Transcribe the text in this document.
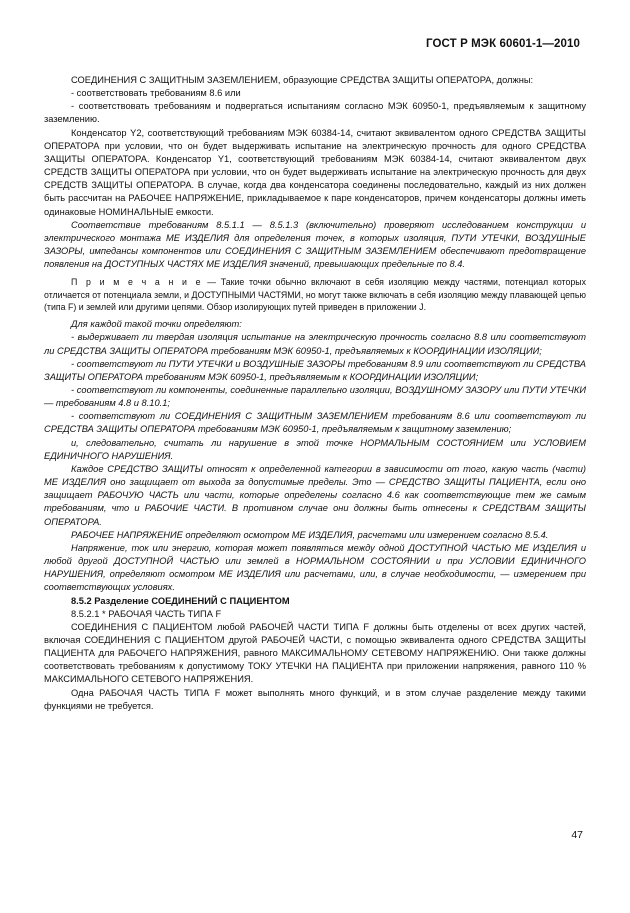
ГОСТ Р МЭК 60601-1—2010

СОЕДИНЕНИЯ С ЗАЩИТНЫМ ЗАЗЕМЛЕНИЕМ, образующие СРЕДСТВА ЗАЩИТЫ ОПЕРАТОРА, должны:

- соответствовать требованиям 8.6 или

- соответствовать требованиям и подвергаться испытаниям согласно МЭК 60950-1, предъявляемым к защитному заземлению.

Конденсатор Y2, соответствующий требованиям МЭК 60384-14, считают эквивалентом одного СРЕДСТВА ЗАЩИТЫ ОПЕРАТОРА при условии, что он будет выдерживать испытание на электрическую прочность для одного СРЕДСТВА ЗАЩИТЫ ОПЕРАТОРА. Конденсатор Y1, соответствующий требованиям МЭК 60384-14, считают эквивалентом двух СРЕДСТВ ЗАЩИТЫ ОПЕРАТОРА при условии, что он будет выдерживать испытание на электрическую прочность для двух СРЕДСТВ ЗАЩИТЫ ОПЕРАТОРА. В случае, когда два конденсатора соединены последовательно, каждый из них должен быть рассчитан на РАБОЧЕЕ НАПРЯЖЕНИЕ, прикладываемое к паре конденсаторов, причем конденсаторы должны иметь одинаковые НОМИНАЛЬНЫЕ емкости.

Соответствие требованиям 8.5.1.1 — 8.5.1.3 (включительно) проверяют исследованием конструкции и электрического монтажа МЕ ИЗДЕЛИЯ для определения точек, в которых изоляция, ПУТИ УТЕЧКИ, ВОЗДУШНЫЕ ЗАЗОРЫ, импедансы компонентов или СОЕДИНЕНИЯ С ЗАЩИТНЫМ ЗАЗЕМЛЕНИЕМ обеспечивают предотвращение появления на ДОСТУПНЫХ ЧАСТЯХ МЕ ИЗДЕЛИЯ значений, превышающих предельные по 8.4.

П р и м е ч а н и е — Такие точки обычно включают в себя изоляцию между частями, потенциал которых отличается от потенциала земли, и ДОСТУПНЫМИ ЧАСТЯМИ, но могут также включать в себя изоляцию между плавающей цепью (типа F) и землей или другими цепями. Обзор изолирующих путей приведен в приложении J.

Для каждой такой точки определяют:

- выдерживает ли твердая изоляция испытание на электрическую прочность согласно 8.8 или соответствуют ли СРЕДСТВА ЗАЩИТЫ ОПЕРАТОРА требованиям МЭК 60950-1, предъявляемых к КООРДИНАЦИИ ИЗОЛЯЦИИ;

- соответствуют ли ПУТИ УТЕЧКИ и ВОЗДУШНЫЕ ЗАЗОРЫ требованиям 8.9 или соответствуют ли СРЕДСТВА ЗАЩИТЫ ОПЕРАТОРА требованиям МЭК 60950-1, предъявляемым к КООРДИНАЦИИ ИЗОЛЯЦИИ;

- соответствуют ли компоненты, соединенные параллельно изоляции, ВОЗДУШНОМУ ЗАЗОРУ или ПУТИ УТЕЧКИ — требованиям 4.8 и 8.10.1;

- соответствуют ли СОЕДИНЕНИЯ С ЗАЩИТНЫМ ЗАЗЕМЛЕНИЕМ требованиям 8.6 или соответствуют ли СРЕДСТВА ЗАЩИТЫ ОПЕРАТОРА требованиям МЭК 60950-1, предъявляемым к защитному заземлению;

и, следовательно, считать ли нарушение в этой точке НОРМАЛЬНЫМ СОСТОЯНИЕМ или УСЛОВИЕМ ЕДИНИЧНОГО НАРУШЕНИЯ.

Каждое СРЕДСТВО ЗАЩИТЫ относят к определенной категории в зависимости от того, какую часть (части) МЕ ИЗДЕЛИЯ оно защищает от выхода за допустимые пределы. Это — СРЕДСТВО ЗАЩИТЫ ПАЦИЕНТА, если оно защищает РАБОЧУЮ ЧАСТЬ или части, которые определены согласно 4.6 как соответствующие тем же самым требованиям, что и РАБОЧИЕ ЧАСТИ. В противном случае они должны быть отнесены к СРЕДСТВАМ ЗАЩИТЫ ОПЕРАТОРА.

РАБОЧЕЕ НАПРЯЖЕНИЕ определяют осмотром МЕ ИЗДЕЛИЯ, расчетами или измерением согласно 8.5.4.

Напряжение, ток или энергию, которая может появляться между одной ДОСТУПНОЙ ЧАСТЬЮ МЕ ИЗДЕЛИЯ и любой другой ДОСТУПНОЙ ЧАСТЬЮ или землей в НОРМАЛЬНОМ СОСТОЯНИИ и при УСЛОВИИ ЕДИНИЧНОГО НАРУШЕНИЯ, определяют осмотром МЕ ИЗДЕЛИЯ или расчетами, или, в случае необходимости, — измерением при соответствующих условиях.

8.5.2 Разделение СОЕДИНЕНИЙ С ПАЦИЕНТОМ

8.5.2.1 * РАБОЧАЯ ЧАСТЬ ТИПА F

СОЕДИНЕНИЯ С ПАЦИЕНТОМ любой РАБОЧЕЙ ЧАСТИ ТИПА F должны быть отделены от всех других частей, включая СОЕДИНЕНИЯ С ПАЦИЕНТОМ другой РАБОЧЕЙ ЧАСТИ, с помощью эквивалента одного СРЕДСТВА ЗАЩИТЫ ПАЦИЕНТА для РАБОЧЕГО НАПРЯЖЕНИЯ, равного МАКСИМАЛЬНОМУ СЕТЕВОМУ НАПРЯЖЕНИЮ. Они также должны соответствовать требованиям к допустимому ТОКУ УТЕЧКИ НА ПАЦИЕНТА при приложении напряжения, равного 110 % МАКСИМАЛЬНОГО СЕТЕВОГО НАПРЯЖЕНИЯ.

Одна РАБОЧАЯ ЧАСТЬ ТИПА F может выполнять много функций, и в этом случае разделение между такими функциями не требуется.

47
